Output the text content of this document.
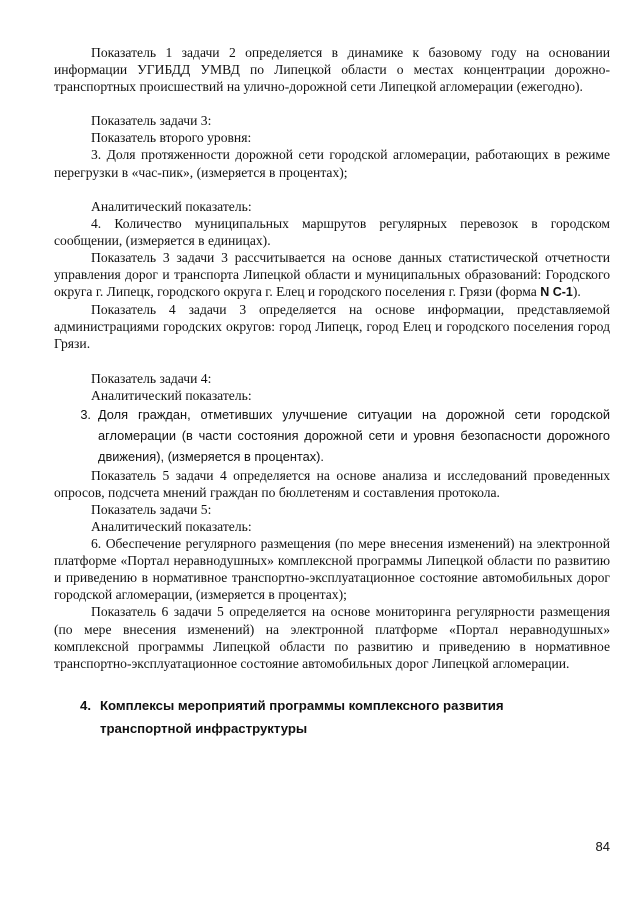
Показатель 1 задачи 2 определяется в динамике к базовому году на основании информации УГИБДД УМВД по Липецкой области о местах концентрации дорожно-транспортных происшествий на улично-дорожной сети Липецкой агломерации (ежегодно).

Показатель задачи 3:

Показатель второго уровня:

3. Доля протяженности дорожной сети городской агломерации, работающих в режиме перегрузки в «час-пик», (измеряется в процентах);

Аналитический показатель:

4. Количество муниципальных маршрутов регулярных перевозок в городском сообщении, (измеряется в единицах).

Показатель 3 задачи 3 рассчитывается на основе данных статистической отчетности управления дорог и транспорта Липецкой области и муниципальных образований: Городского округа г. Липецк, городского округа г. Елец и городского поселения г. Грязи (форма N С-1).

Показатель 4 задачи 3 определяется на основе информации, представляемой администрациями городских округов: город Липецк, город Елец и городского поселения город Грязи.

Показатель задачи 4:

Аналитический показатель:

3. Доля граждан, отметивших улучшение ситуации на дорожной сети городской агломерации (в части состояния дорожной сети и уровня безопасности дорожного движения), (измеряется в процентах).

Показатель 5 задачи 4 определяется на основе анализа и исследований проведенных опросов, подсчета мнений граждан по бюллетеням и составления протокола.

Показатель задачи 5:

Аналитический показатель:

6. Обеспечение регулярного размещения (по мере внесения изменений) на электронной платформе «Портал неравнодушных» комплексной программы Липецкой области по развитию и приведению в нормативное транспортно-эксплуатационное состояние автомобильных дорог городской агломерации, (измеряется в процентах);

Показатель 6 задачи 5 определяется на основе мониторинга регулярности размещения (по мере внесения изменений) на электронной платформе «Портал неравнодушных» комплексной программы Липецкой области по развитию и приведению в нормативное транспортно-эксплуатационное состояние автомобильных дорог Липецкой агломерации.

4. Комплексы мероприятий программы комплексного развития транспортной инфраструктуры
84
